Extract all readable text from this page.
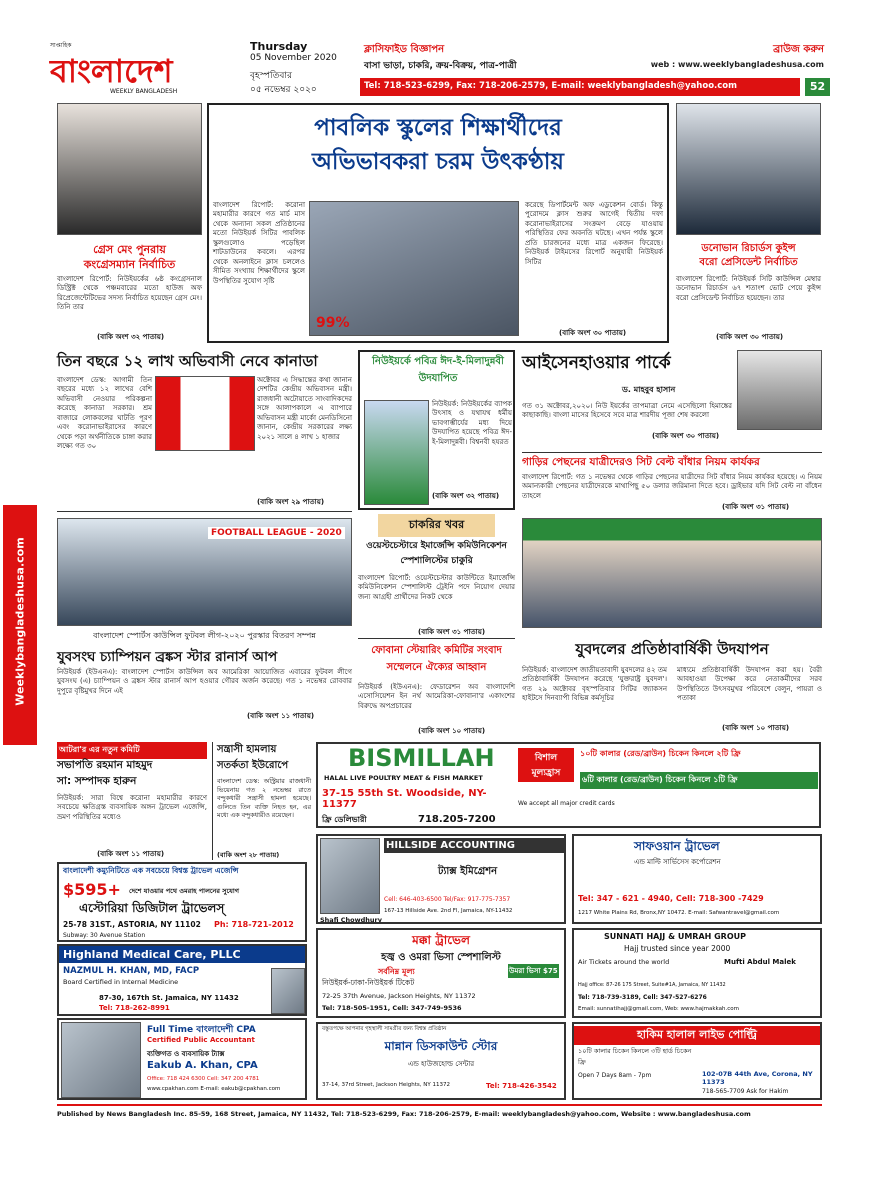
সাপ্তাহিক
বাংলাদেশ
WEEKLY BANGLADESH
Thursday
05 November 2020
বৃহস্পতিবার
০৫ নভেম্বর ২০২০
ক্লাসিফাইড বিজ্ঞাপন	ব্রাউজ করুন
বাসা ভাড়া, চাকরি, ক্রয়-বিক্রয়, পাত্র-পাত্রী	web : www.weeklybangladeshusa.com
Tel: 718-523-6299, Fax: 718-206-2579, E-mail: weeklybangladesh@yahoo.com	52
Weeklybangladeshusa.com
গ্রেস মেং পুনরায়
কংগ্রেসম্যান নির্বাচিত
বাংলাদেশ রিপোর্ট: নিউইয়র্কের ৬ষ্ঠ কংগ্রেসনাল ডিস্ট্রিক্ট থেকে পঞ্চমবারের মতো হাউজ অফ রিপ্রেজেন্টেটিভের সদস্য নির্বাচিত হয়েছেন গ্রেস মেং। তিনি তার
(বাকি অংশ ৩২ পাতায়)
পাবলিক স্কুলের শিক্ষার্থীদের
অভিভাবকরা চরম উৎকণ্ঠায়
বাংলাদেশ রিপোর্ট: করোনা মহামারীর কারণে গত মার্চ মাস থেকে অন্যান্য সকল প্রতিষ্ঠানের মতো নিউইয়র্ক সিটির পাবলিক স্কুলগুলোও পড়েছিল শাটডাউনের কবলে। এরপর থেকে অনলাইনে ক্লাস চললেও সীমিত সংখ্যায় শিক্ষার্থীদের স্কুলে উপস্থিতির সুযোগ সৃষ্টি
99%
করেছে ডিপার্টমেন্ট অফ এডুকেশন বোর্ড। কিন্তু পুরোদমে ক্লাস শুরুর আগেই দ্বিতীয় দফা করোনাভাইরাসের সংক্রমণ বেড়ে যাওয়ায় পরিস্থিতির ফের অবনতি ঘটছে। এখন পর্যন্ত স্কুলে প্রতি চারজনের মধ্যে মাত্র একজন ফিরেছে। নিউইয়র্ক টাইমসের রিপোর্ট অনুযায়ী নিউইয়র্ক সিটির
(বাকি অংশ ৩০ পাতায়)
ডনোভান রিচার্ডস কুইন্স
বরো প্রেসিডেন্ট নির্বাচিত
বাংলাদেশ রিপোর্ট: নিউইয়র্ক সিটি কাউন্সিল মেম্বার ডনোভান রিচার্ডস ৬৭ শতাংশ ভোট পেয়ে কুইন্স বরো প্রেসিডেন্ট নির্বাচিত হয়েছেন। তার
(বাকি অংশ ৩০ পাতায়)
তিন বছরে ১২ লাখ অভিবাসী নেবে কানাডা
বাংলাদেশ ডেস্ক: আগামী তিন বছরের মধ্যে ১২ লাখের বেশি অভিবাসী নেওয়ার পরিকল্পনা করেছে কানাডা সরকার। শ্রম বাজারে লোকবলের ঘাটতি পূরণ এবং করোনাভাইরাসের কারণে থেকে পড়া অর্থনীতিকে চাঙ্গা করার লক্ষ্যে গত ৩০
অক্টোবর এ সিদ্ধান্তের কথা জানান দেশটির কেন্দ্রীয় অভিবাসন মন্ত্রী। রাজধানী অটোয়াতে সাংবাদিকদের সঙ্গে আলাপকালে এ ব্যাপারে অভিবাসন মন্ত্রী মার্কো মেনডিসিনো জানান, কেন্দ্রীয় সরকারের লক্ষ্য ২০২১ সালে ৪ লাখ ১ হাজার
(বাকি অংশ ২৯ পাতায়)
নিউইয়র্কে পবিত্র ঈদ-ই-মিলাদুন্নবী উদযাপিত
নিউইয়র্ক: নিউইয়র্কের ব্যাপক উৎসাহ ও যথাযথ ধর্মীয় ভাবগাম্ভীর্যের মধ্য দিয়ে উদযাপিত হয়েছে পবিত্র ঈদ-ই-মিলাদুন্নবী। বিশ্বনবী হযরত
(বাকি অংশ ৩২ পাতায়)
আইসেনহাওয়ার পার্কে
ড. মাহবুব হাসান
গত ৩১ অক্টোবর,২০২০। নিউ ইয়র্কের তাপমাত্রা নেমে এসেছিলো হিমাঙ্কের কাছাকাছি। বাংলা মাসের হিসেবে সবে মাত্র শারদীয় পূজা শেষ করলো
(বাকি অংশ ৩০ পাতায়)
গাড়ির পেছনের যাত্রীদেরও সিট বেল্ট বাঁধার নিয়ম কার্যকর
বাংলাদেশ রিপোর্ট: গত ১ নভেম্বর থেকে গাড়ির পেছনের যাত্রীদের সিট বাঁধার নিয়ম কার্যকর হয়েছে। এ নিয়ম অমান্যকারী পেছনের যাত্রীদেরকে মাথাপিছু ৫০ ডলার জরিমানা দিতে হবে। ড্রাইভার যদি সিট বেল্ট না বাঁধেন তাহলে
(বাকি অংশ ৩১ পাতায়)
FOOTBALL LEAGUE - 2020
বাংলাদেশ স্পোর্টস কাউন্সিল ফুটবল লীগ-২০২০ পুরস্কার বিতরণ সম্পন্ন
যুবসংঘ চ্যাম্পিয়ন ব্রঙ্কস স্টার রানার্স আপ
নিউইয়র্ক (ইউএনএ): বাংলাদেশ স্পোর্টস কাউন্সিল অব আমেরিকা আয়োজিত এবারের ফুটবল লীগে যুবসংঘ (এ) চ্যাম্পিয়ন ও ব্রঙ্কস স্টার রানার্স আপ হওয়ার গৌরব অর্জন করেছে। গত ১ নভেম্বর রোববার দুপুরে বৃষ্টিমুখর দিনে এই
(বাকি অংশ ১১ পাতায়)
চাকরির খবর
ওয়েস্টচেস্টারে ইমার্জেন্সি কমিউনিকেশন স্পেশালিস্টের চাকুরি
বাংলাদেশ রিপোর্ট: ওয়েস্টচেস্টার কাউন্টিতে ইমার্জেন্সি কমিউনিকেশন স্পেশালিস্ট ট্রেইনি পদে নিয়োগ দেয়ার জন্য আগ্রহী প্রার্থীদের নিকট থেকে
(বাকি অংশ ৩১ পাতায়)
ফোবানা স্টেয়ারিং কমিটির সংবাদ সম্মেলনে ঐক্যের আহ্বান
নিউইয়র্ক (ইউএনএ): ফেডারেশন অব বাংলাদেশি এসোসিয়েশন ইন নর্থ আমেরিকা-ফোবানা'র একাংশের বিরুদ্ধে অপপ্রচারের
(বাকি অংশ ১০ পাতায়)
যুবদলের প্রতিষ্ঠাবার্ষিকী উদযাপন
নিউইয়র্ক: বাংলাদেশ জাতীয়তাবাদী যুবদলের ৪২ তম প্রতিষ্ঠাবার্ষিকী উদযাপন করেছে 'যুক্তরাষ্ট্র যুবদল'। গত ২৯ অক্টোবর বৃহস্পতিবার সিটির জ্যাকসন হাইটসে দিনব্যাপী বিভিন্ন কর্মসূচির
মাধ্যমে প্রতিষ্ঠাবার্ষিকী উদযাপন করা হয়। বৈরী আবহাওয়া উপেক্ষা করে নেতাকর্মীদের সরব উপস্থিতিতে উৎসবমুখর পরিবেশে বেলুন, পায়রা ও পতাকা
(বাকি অংশ ১০ পাতায়)
আটরা'র এর নতুন কমিটি
সভাপতি রহমান মাহমুদ
সা: সম্পাদক হারুন
নিউইয়র্ক: সারা বিশ্বে করোনা মহামারীর কারণে সবচেয়ে ক্ষতিগ্রস্ত ব্যবসায়িক অঙ্গন ট্রাভেল এজেন্সি, ভ্রমণ পরিস্থিতির মধ্যেও
(বাকি অংশ ১১ পাতায়)
সন্ত্রাসী হামলায়
সতর্কতা ইউরোপে
বাংলাদেশ ডেস্ক: অস্ট্রিয়ার রাজধানী ভিয়েনায় গত ২ নভেম্বর রাতে বন্দুকধারী সন্ত্রাসী হামলা হয়েছে। গুলিতে তিন ব্যক্তি নিহত হন, এর মধ্যে এক বন্দুকধারীও রয়েছেন।
(বাকি অংশ ২৮ পাতায়)
BISMILLAH
HALAL LIVE POULTRY MEAT & FISH MARKET
37-15 55th St. Woodside, NY-11377
718.205-7200
ফ্রি ডেলিভারী
বিশাল মূল্যহ্রাস
১০টি কালার (রেড/ব্রাউন) চিকেন কিনলে ২টি ফ্রি
৬টি কালার (রেড/ব্রাউন) চিকেন কিনলে ১টি ফ্রি
We accept all major credit cards
বাংলাদেশী কম্যুনিটিতে এক সবচেয়ে বিশ্বস্ত ট্রাভেল এজেন্সি
$595+ দেশে যাওয়ার পথে ওমরাহ পালনের সুযোগ
এস্টোরিয়া ডিজিটাল ট্রাভেলস্
25-78 31ST., ASTORIA, NY 11102 Ph: 718-721-2012
Subway: 30 Avenue Station
Highland Medical Care, PLLC
NAZMUL H. KHAN, MD, FACP
Board Certified in Internal Medicine
87-30, 167th St. Jamaica, NY 11432
Tel: 718-262-8991
Full Time বাংলাদেশী CPA
Certified Public Accountant
ব্যক্তিগত ও ব্যবসায়িক ট্যাক্স
Eakub A. Khan, CPA
Office: 718 424 6300 Cell: 347 200 4781
www.cpakhan.com E-mail: eakub@cpakhan.com
HILLSIDE ACCOUNTING
ট্যাক্স ইমিগ্রেশন
Shafi Chowdhury
Cell: 646-403-6500 Tel/Fax: 917-775-7357
167-13 Hillside Ave. 2nd Fl, Jamaica, NY-11432
সাফওয়ান ট্রাভেল
এন্ড মাল্টি সার্ভিসেস কর্পোরেশন
Tel: 347 - 621 - 4940, Cell: 718-300 -7429
1217 White Plains Rd, Bronx,NY 10472. E-mail: Safwantravel@gmail.com
মক্কা ট্রাভেল
হজ্ব ও ওমরা ভিসা স্পেশালিস্ট
সর্বনিম্ন মূল্য	উমরা ভিসা $75
নিউইয়র্ক-ঢাকা-নিউইয়র্ক টিকেট
72-25 37th Avenue, Jackson Heights, NY 11372
Tel: 718-505-1951, Cell: 347-749-9536
SUNNATI HAJJ & UMRAH GROUP
Hajj trusted since year 2000
Air Tickets around the world	Mufti Abdul Malek
Hajj office: 87-26 175 Street, Suite#1A, Jamaica, NY 11432
Tel: 718-739-3189, Cell: 347-527-6276
Email: sunnatihajj@gmail.com, Web: www.hajmakkah.com
বস্তুতপক্ষে আপনার গৃহস্থালী সামগ্রীর জন্য বিশ্বস্ত প্রতিষ্ঠান
মান্নান ডিসকাউন্ট স্টোর
এন্ড হাউজহোল্ড সেন্টার
37-14, 37rd Street, Jackson Heights, NY 11372	Tel: 718-426-3542
হাকিম হালাল লাইভ পোল্ট্রি
১০টি কালার চিকেন কিনলে ৩টি হার্ড চিকেন ফ্রি
Open 7 Days 8am - 7pm	102-07B 44th Ave, Corona, NY 11373
718-565-7709 Ask for Hakim
Published by News Bangladesh Inc. 85-59, 168 Street, Jamaica, NY 11432, Tel: 718-523-6299, Fax: 718-206-2579, E-mail: weeklybangladesh@yahoo.com, Website : www.bangladeshusa.com
